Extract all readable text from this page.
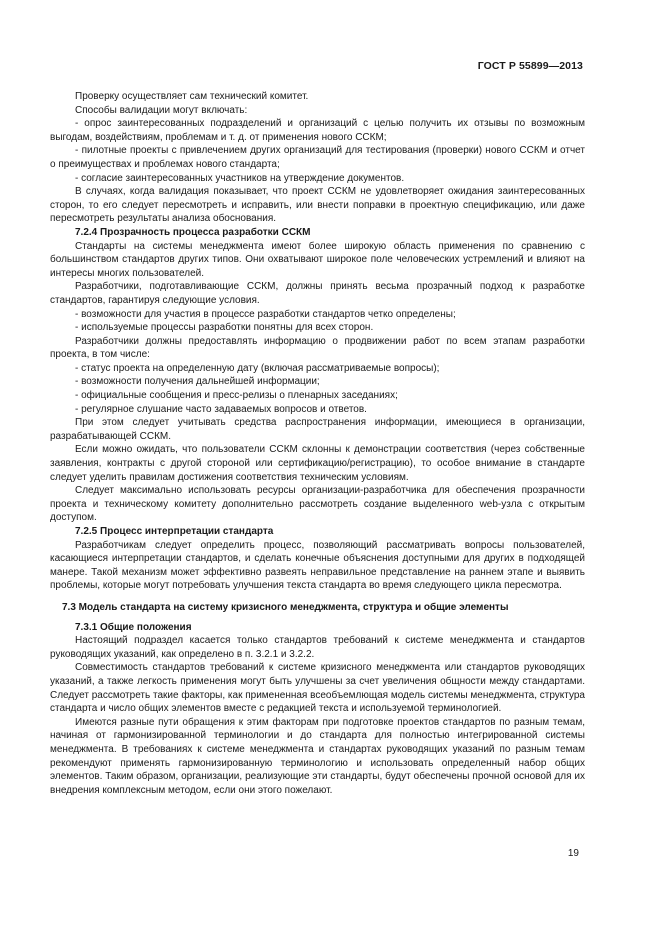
ГОСТ Р 55899—2013

Проверку осуществляет сам технический комитет.

Способы валидации могут включать:

- опрос заинтересованных подразделений и организаций с целью получить их отзывы по возможным выгодам, воздействиям, проблемам и т. д. от применения нового ССКМ;

- пилотные проекты с привлечением других организаций для тестирования (проверки) нового ССКМ и отчет о преимуществах и проблемах нового стандарта;

- согласие заинтересованных участников на утверждение документов.

В случаях, когда валидация показывает, что проект ССКМ не удовлетворяет ожидания заинтересованных сторон, то его следует пересмотреть и исправить, или внести поправки в проектную спецификацию, или даже пересмотреть результаты анализа обоснования.

7.2.4 Прозрачность процесса разработки ССКМ

Стандарты на системы менеджмента имеют более широкую область применения по сравнению с большинством стандартов других типов. Они охватывают широкое поле человеческих устремлений и влияют на интересы многих пользователей.

Разработчики, подготавливающие ССКМ, должны принять весьма прозрачный подход к разработке стандартов, гарантируя следующие условия.

- возможности для участия в процессе разработки стандартов четко определены;

- используемые процессы разработки понятны для всех сторон.

Разработчики должны предоставлять информацию о продвижении работ по всем этапам разработки проекта, в том числе:

- статус проекта на определенную дату (включая рассматриваемые вопросы);

- возможности получения дальнейшей информации;

- официальные сообщения и пресс-релизы о пленарных заседаниях;

- регулярное слушание часто задаваемых вопросов и ответов.

При этом следует учитывать средства распространения информации, имеющиеся в организации, разрабатывающей ССКМ.

Если можно ожидать, что пользователи ССКМ склонны к демонстрации соответствия (через собственные заявления, контракты с другой стороной или сертификацию/регистрацию), то особое внимание в стандарте следует уделить правилам достижения соответствия техническим условиям.

Следует максимально использовать ресурсы организации-разработчика для обеспечения прозрачности проекта и техническому комитету дополнительно рассмотреть создание выделенного web-узла с открытым доступом.

7.2.5 Процесс интерпретации стандарта

Разработчикам следует определить процесс, позволяющий рассматривать вопросы пользователей, касающиеся интерпретации стандартов, и сделать конечные объяснения доступными для других в подходящей манере. Такой механизм может эффективно развеять неправильное представление на раннем этапе и выявить проблемы, которые могут потребовать улучшения текста стандарта во время следующего цикла пересмотра.

7.3 Модель стандарта на систему кризисного менеджмента, структура и общие элементы
7.3.1 Общие положения

Настоящий подраздел касается только стандартов требований к системе менеджмента и стандартов руководящих указаний, как определено в п. 3.2.1 и 3.2.2.

Совместимость стандартов требований к системе кризисного менеджмента или стандартов руководящих указаний, а также легкость применения могут быть улучшены за счет увеличения общности между стандартами. Следует рассмотреть такие факторы, как примененная всеобъемлющая модель системы менеджмента, структура стандарта и число общих элементов вместе с редакцией текста и используемой терминологией.

Имеются разные пути обращения к этим факторам при подготовке проектов стандартов по разным темам, начиная от гармонизированной терминологии и до стандарта для полностью интегрированной системы менеджмента. В требованиях к системе менеджмента и стандартах руководящих указаний по разным темам рекомендуют применять гармонизированную терминологию и использовать определенный набор общих элементов. Таким образом, организации, реализующие эти стандарты, будут обеспечены прочной основой для их внедрения комплексным методом, если они этого пожелают.

19
